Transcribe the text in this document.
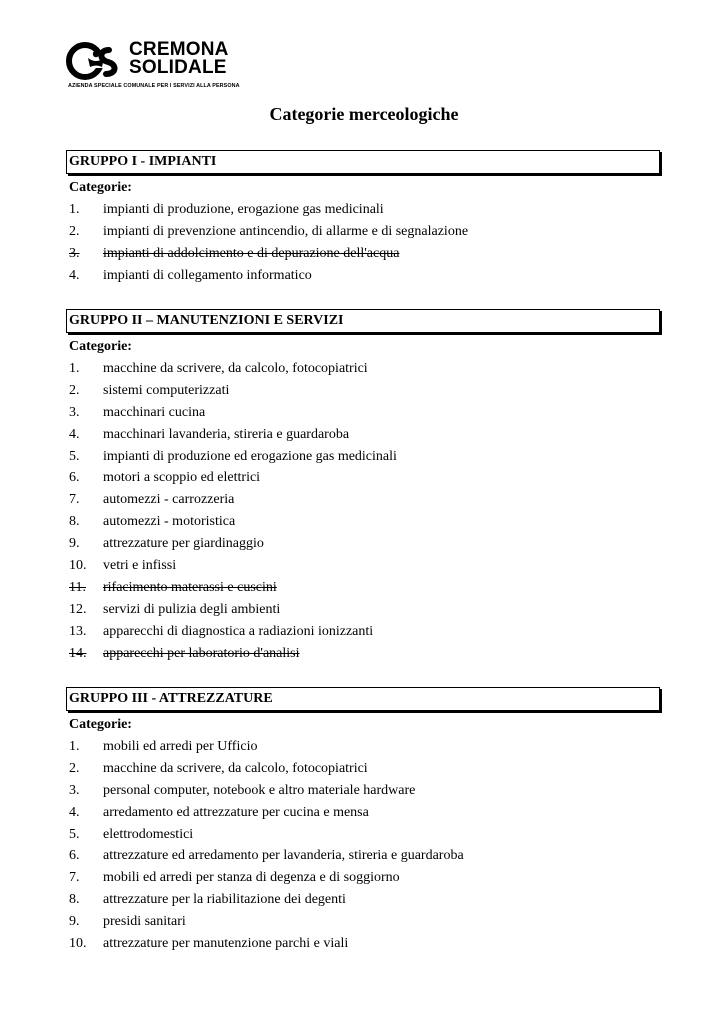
CREMONA
SOLIDALE
AZIENDA SPECIALE COMUNALE PER I SERVIZI ALLA PERSONA
Categorie merceologiche
GRUPPO I - IMPIANTI
Categorie:
1. impianti di produzione, erogazione gas medicinali
2. impianti di prevenzione antincendio, di allarme e di segnalazione
3. impianti di addolcimento e di depurazione dell'acqua
4. impianti di collegamento informatico
GRUPPO II – MANUTENZIONI E SERVIZI
Categorie:
1. macchine da scrivere, da calcolo, fotocopiatrici
2. sistemi computerizzati
3. macchinari cucina
4. macchinari lavanderia, stireria e guardaroba
5. impianti di produzione ed erogazione gas medicinali
6. motori a scoppio ed elettrici
7. automezzi - carrozzeria
8. automezzi - motoristica
9. attrezzature per giardinaggio
10. vetri e infissi
11. rifacimento materassi e cuscini
12. servizi di pulizia degli ambienti
13. apparecchi di diagnostica a radiazioni ionizzanti
14. apparecchi per laboratorio d'analisi
GRUPPO III - ATTREZZATURE
Categorie:
1. mobili ed arredi per Ufficio
2. macchine da scrivere, da calcolo, fotocopiatrici
3. personal computer, notebook e altro materiale hardware
4. arredamento ed attrezzature per cucina e mensa
5. elettrodomestici
6. attrezzature ed arredamento per lavanderia, stireria e guardaroba
7. mobili ed arredi per stanza di degenza e di soggiorno
8. attrezzature per la riabilitazione dei degenti
9. presidi sanitari
10. attrezzature per manutenzione parchi e viali
